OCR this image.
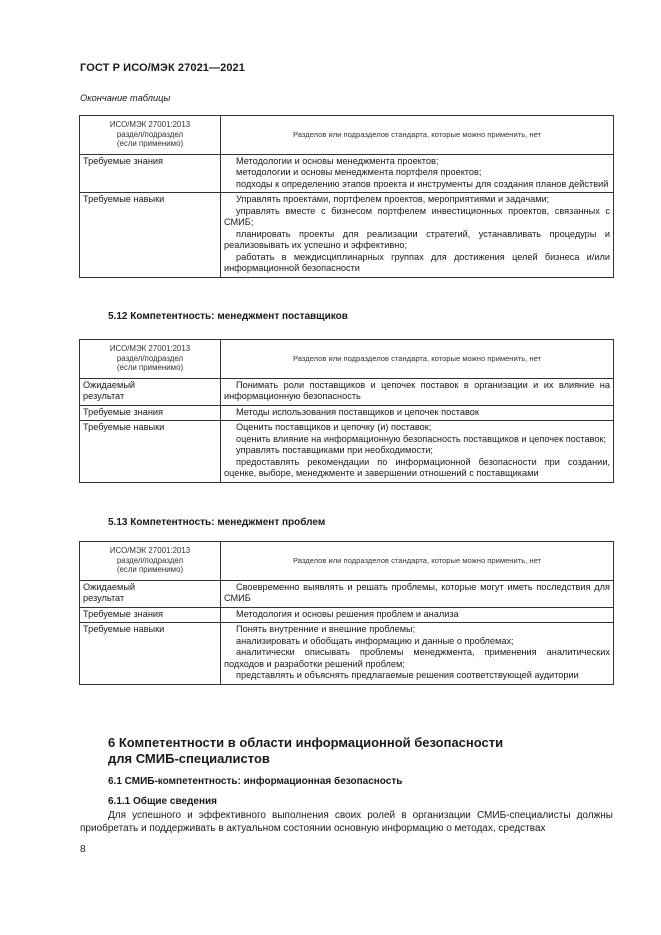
ГОСТ Р ИСО/МЭК 27021—2021
Окончание таблицы
ИСО/МЭК 27001:2013
раздел/подраздел
(если применимо)	Разделов или подразделов стандарта, которые можно применить, нет
Требуемые знания	Методологии и основы менеджмента проектов;
методологии и основы менеджмента портфеля проектов;
подходы к определению этапов проекта и инструменты для создания планов действий

Требуемые навыки	Управлять проектами, портфелем проектов, мероприятиями и задачами;
управлять вместе с бизнесом портфелем инвестиционных проектов, связанных с СМИБ;
планировать проекты для реализации стратегий, устанавливать процедуры и реализовывать их успешно и эффективно;
работать в междисциплинарных группах для достижения целей бизнеса и/или информационной безопасности
5.12 Компетентность: менеджмент поставщиков
ИСО/МЭК 27001:2013
раздел/подраздел
(если применимо)	Разделов или подразделов стандарта, которые можно применить, нет

Ожидаемый
результат	Понимать роли поставщиков и цепочек поставок в организации и их влияние на информационную безопасность

Требуемые знания	Методы использования поставщиков и цепочек поставок

Требуемые навыки	Оценить поставщиков и цепочку (и) поставок;
оценить влияние на информационную безопасность поставщиков и цепочек поставок;
управлять поставщиками при необходимости;
предоставлять рекомендации по информационной безопасности при создании, оценке, выборе, менеджменте и завершении отношений с поставщиками
5.13 Компетентность: менеджмент проблем
ИСО/МЭК 27001:2013
раздел/подраздел
(если применимо)	Разделов или подразделов стандарта, которые можно применить, нет

Ожидаемый
результат	Своевременно выявлять и решать проблемы, которые могут иметь последствия для СМИБ

Требуемые знания	Методология и основы решения проблем и анализа

Требуемые навыки	Понять внутренние и внешние проблемы;
анализировать и обобщать информацию и данные о проблемах;
аналитически описывать проблемы менеджмента, применения аналитических подходов и разработки решений проблем;
представлять и объяснять предлагаемые решения соответствующей аудитории
6 Компетентности в области информационной безопасности
для СМИБ-специалистов
6.1 СМИБ-компетентность: информационная безопасность
6.1.1 Общие сведения
Для успешного и эффективного выполнения своих ролей в организации СМИБ-специалисты должны приобретать и поддерживать в актуальном состоянии основную информацию о методах, средствах
8
